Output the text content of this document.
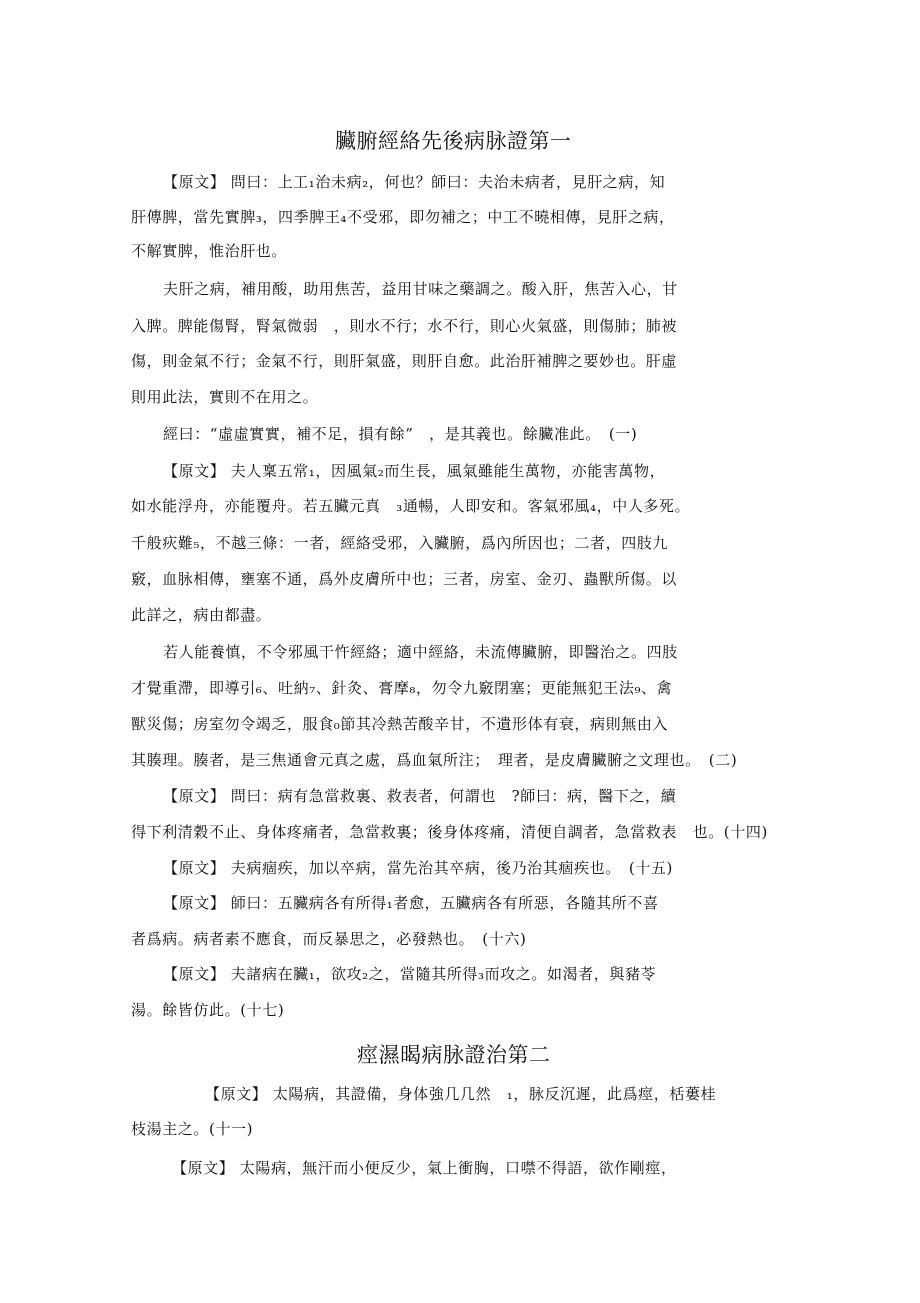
臟腑經絡先後病脉證第一
【原文】 問曰：上工₁治未病₂，何也？師曰：夫治未病者，見肝之病，知
肝傳脾，當先實脾₃，四季脾王₄不受邪，即勿補之；中工不曉相傳，見肝之病，
不解實脾，惟治肝也。
夫肝之病，補用酸，助用焦苦，益用甘味之藥調之。酸入肝，焦苦入心，甘
入脾。脾能傷腎，腎氣微弱　，則水不行；水不行，則心火氣盛，則傷肺；肺被
傷，則金氣不行；金氣不行，則肝氣盛，則肝自愈。此治肝補脾之要妙也。肝虛
則用此法，實則不在用之。
經曰：“虛虛實實，補不足，損有餘”　，是其義也。餘臟准此。　(一)
【原文】 夫人稟五常₁，因風氣₂而生長，風氣雖能生萬物，亦能害萬物，
如水能浮舟，亦能覆舟。若五臟元真　₃通暢，人即安和。客氣邪風₄，中人多死。
千般疢難₅，不越三條：一者，經絡受邪，入臟腑，爲內所因也；二者，四肢九
竅，血脉相傳，壅塞不通，爲外皮膚所中也；三者，房室、金刃、蟲獸所傷。以
此詳之，病由都盡。
若人能養慎，不令邪風干忤經絡；適中經絡，未流傳臟腑，即醫治之。四肢
才覺重滯，即導引₆、吐納₇、針灸、膏摩₈，勿令九竅閉塞；更能無犯王法₉、禽
獸災傷；房室勿令竭乏，服食₀節其冷熱苦酸辛甘，不遺形体有衰，病則無由入
其腠理。腠者，是三焦通會元真之處，爲血氣所注；　理者，是皮膚臟腑之文理也。　(二)
【原文】 問曰：病有急當救裏、救表者，何謂也　?師曰：病，醫下之，續
得下利清穀不止、身体疼痛者，急當救裏；後身体疼痛，清便自調者，急當救表　也。(十四)
【原文】 夫病痼疾，加以卒病，當先治其卒病，後乃治其痼疾也。　(十五)
【原文】 師曰：五臟病各有所得₁者愈，五臟病各有所惡，各隨其所不喜
者爲病。病者素不應食，而反暴思之，必發熱也。　(十六)
【原文】 夫諸病在臟₁，欲攻₂之，當隨其所得₃而攻之。如渴者，與豬苓
湯。餘皆仿此。(十七)
痙濕暍病脉證治第二
【原文】 太陽病，其證備，身体強几几然　₁，脉反沉遲，此爲痙，栝蔞桂
枝湯主之。(十一)
【原文】 太陽病，無汗而小便反少，氣上衝胸，口噤不得語，欲作剛痙，
